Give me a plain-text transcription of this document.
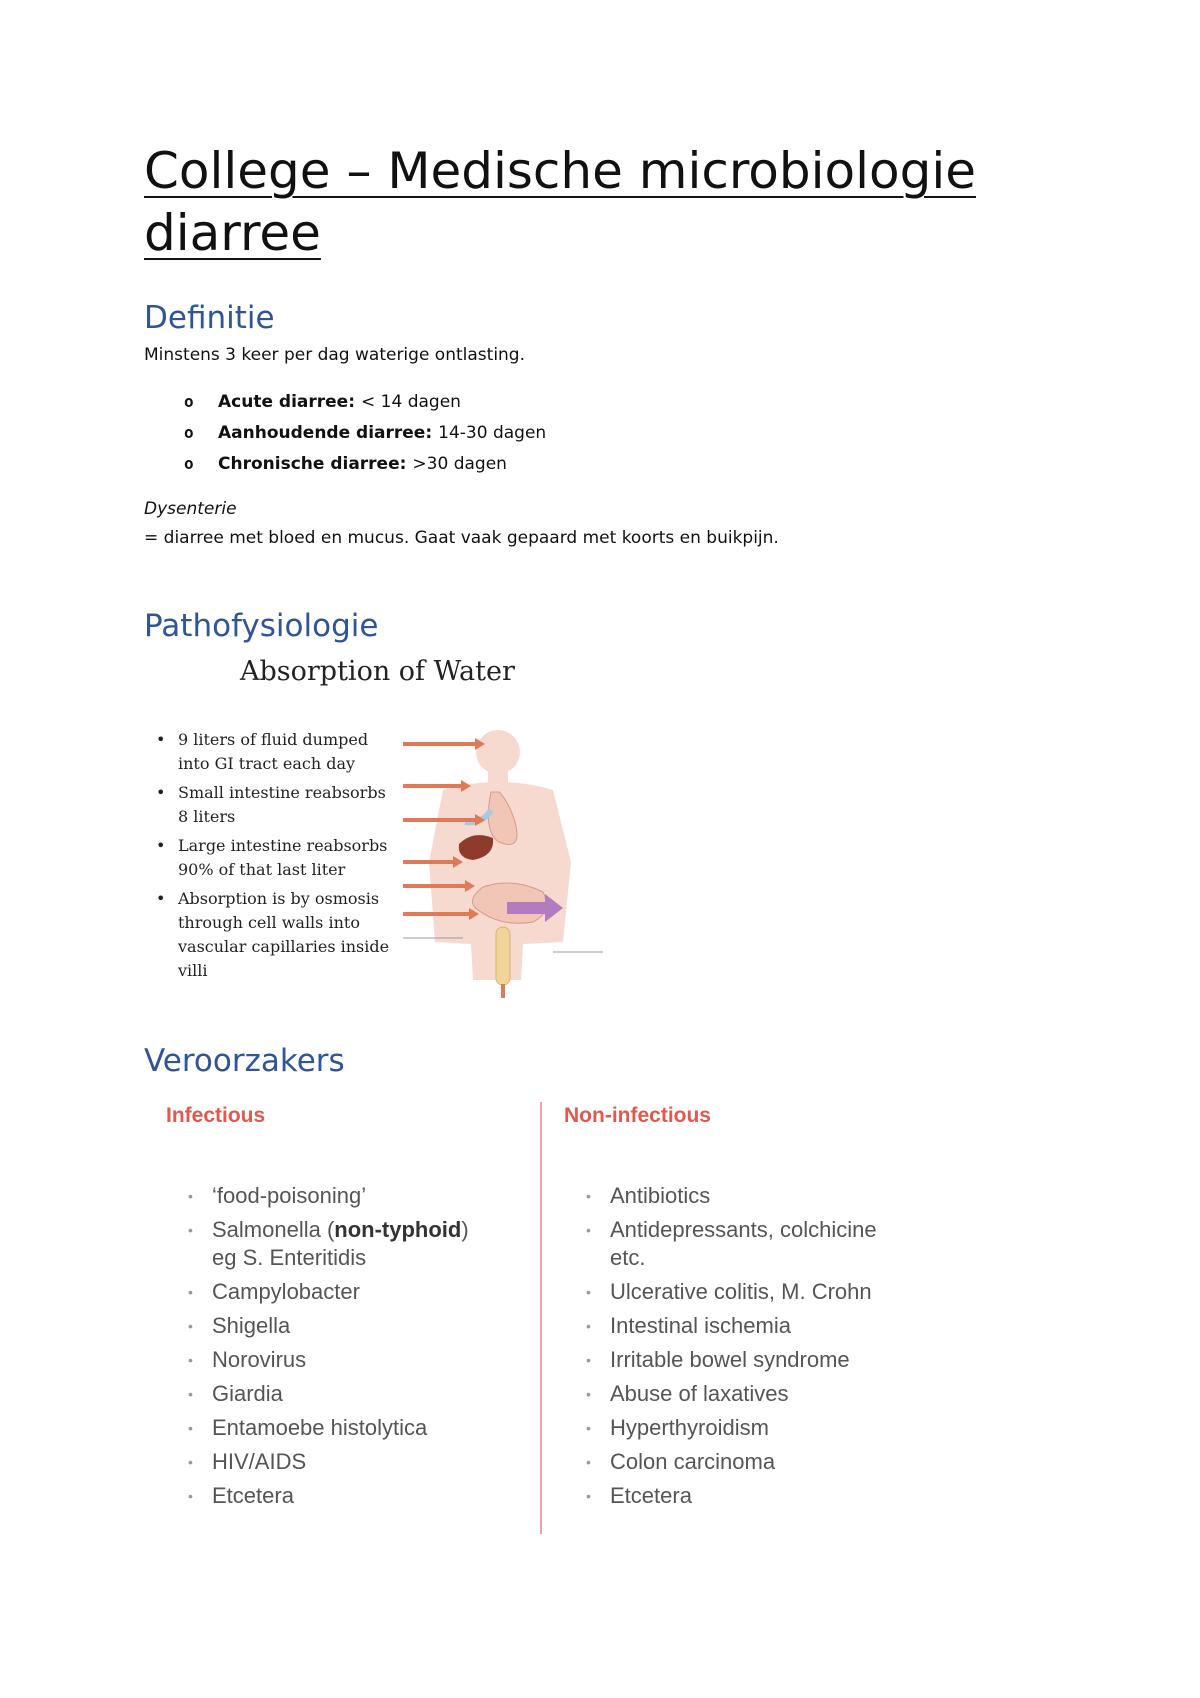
College – Medische microbiologie
diarree
Definitie

Minstens 3 keer per dag waterige ontlasting.

o	Acute diarree: < 14 dagen
o	Aanhoudende diarree: 14-30 dagen
o	Chronische diarree: >30 dagen

Dysenterie

= diarree met bloed en mucus. Gaat vaak gepaard met koorts en buikpijn.

Pathofysiologie
Absorption of Water
• 9 liters of fluid dumped into GI tract each day
• Small intestine reabsorbs 8 liters
• Large intestine reabsorbs 90% of that last liter
• Absorption is by osmosis through cell walls into vascular capillaries inside villi
Veroorzakers
Infectious	Non-infectious
• ‘food-poisoning’
• Salmonella (non-typhoid)
eg S. Enteritidis
• Campylobacter
• Shigella
• Norovirus
• Giardia
• Entamoebe histolytica
• HIV/AIDS
• Etcetera
• Antibiotics
• Antidepressants, colchicine
etc.
• Ulcerative colitis, M. Crohn
• Intestinal ischemia
• Irritable bowel syndrome
• Abuse of laxatives
• Hyperthyroidism
• Colon carcinoma
• Etcetera
